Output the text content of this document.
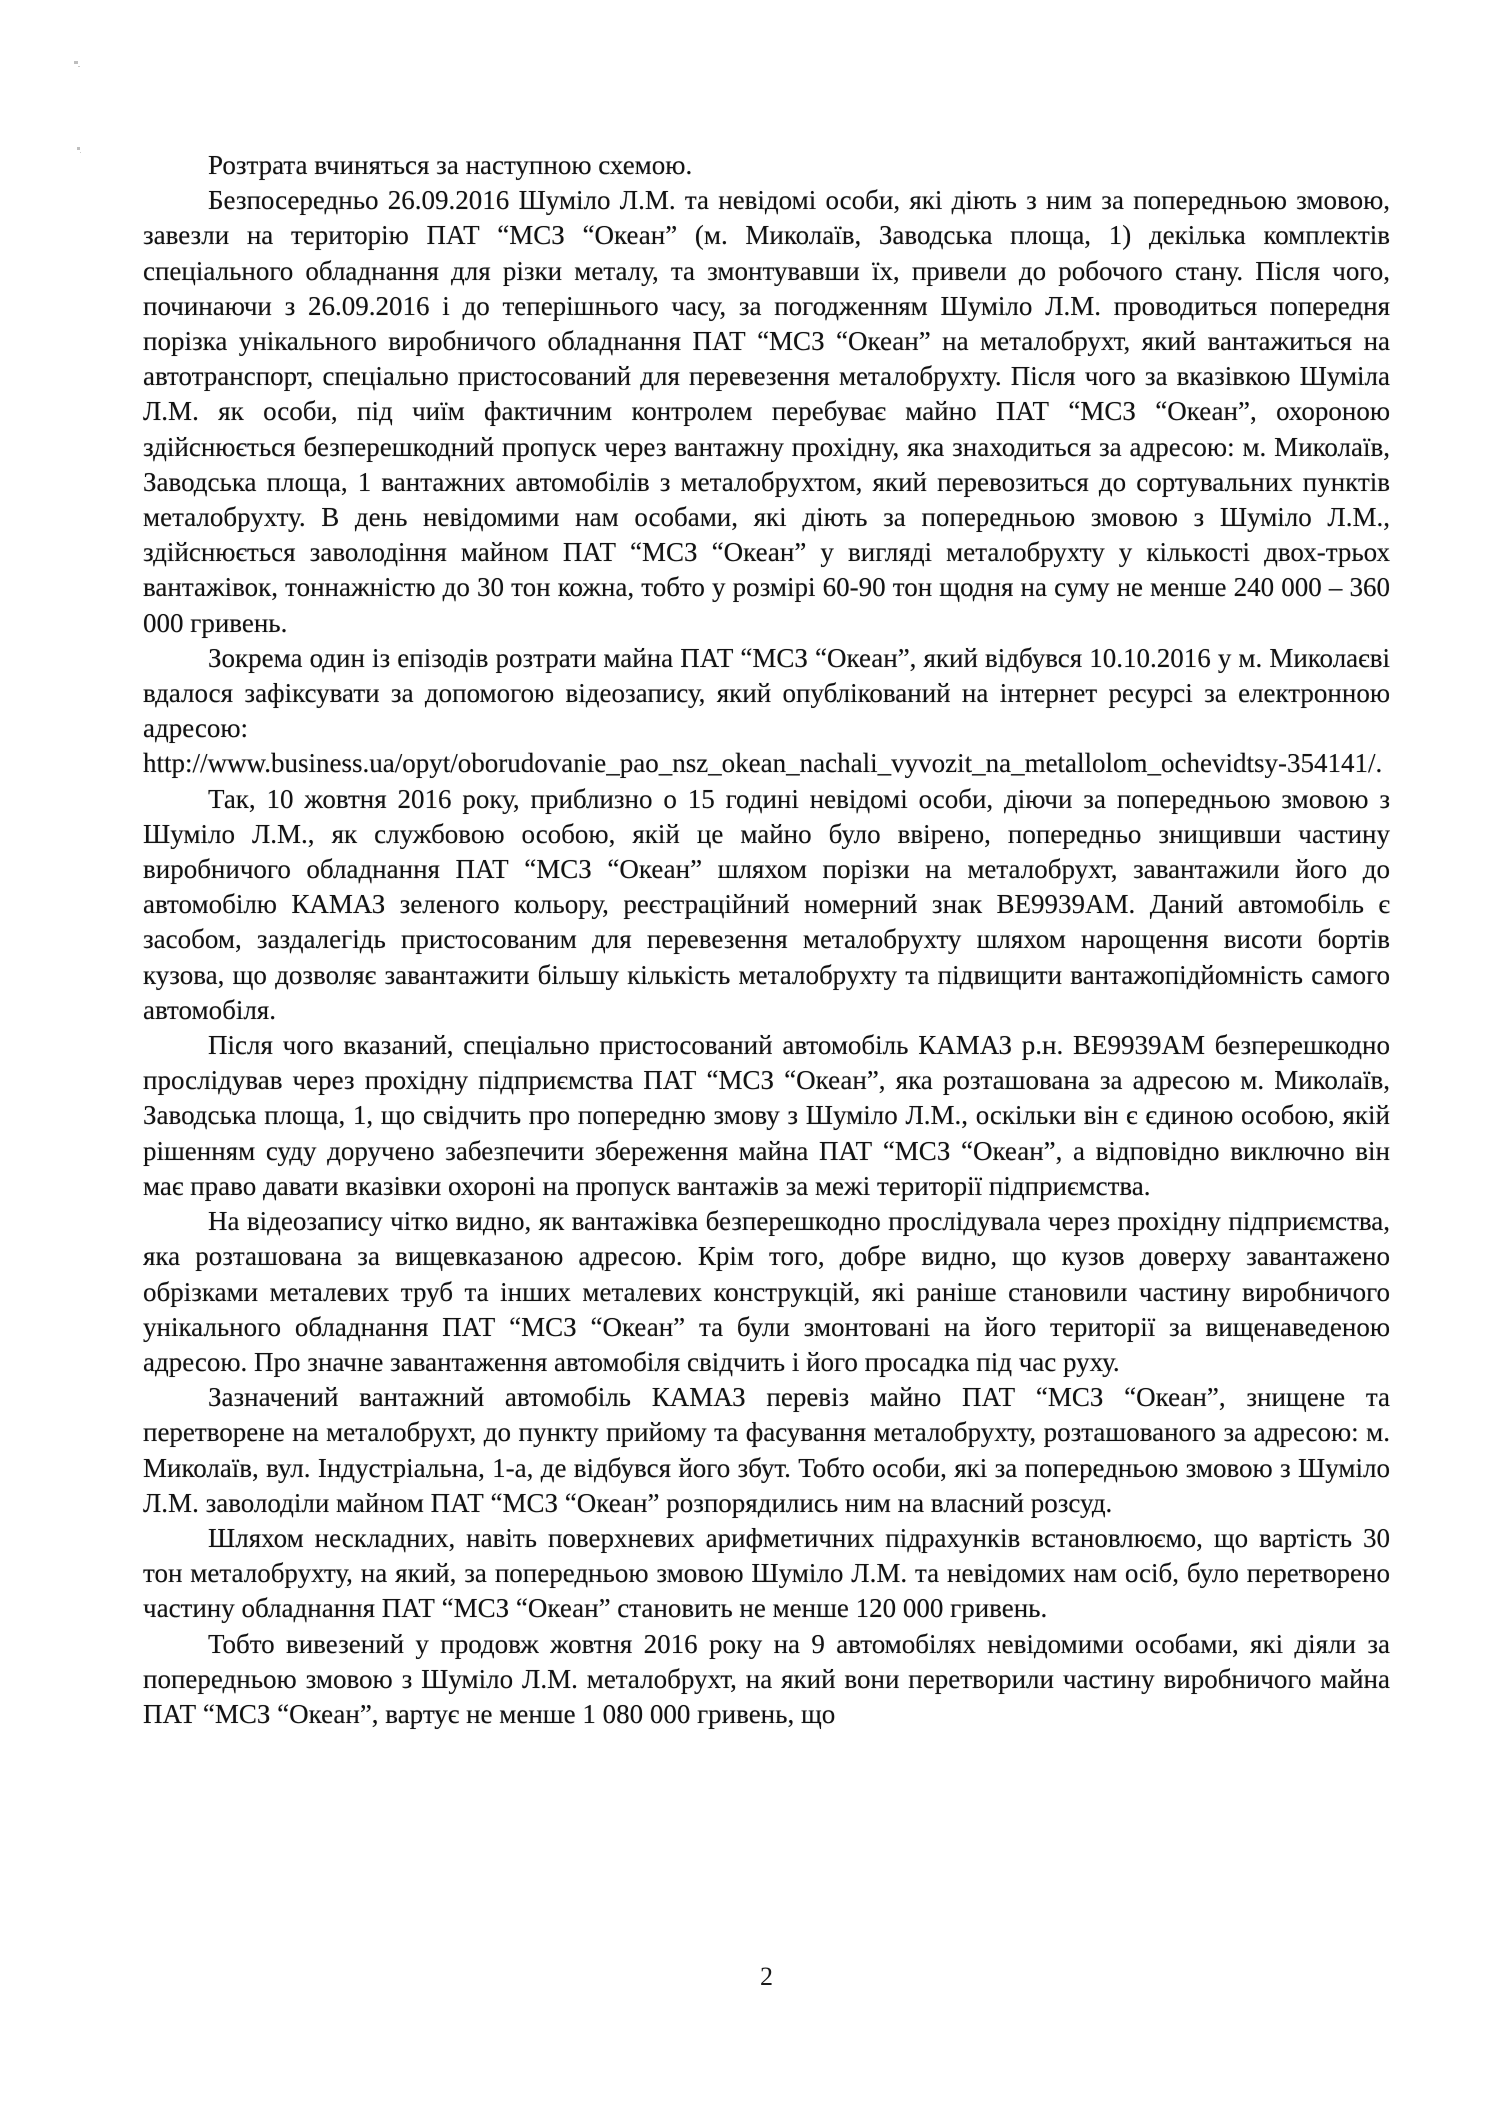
Розтрата вчиняться за наступною схемою.

Безпосередньо 26.09.2016 Шуміло Л.М. та невідомі особи, які діють з ним за попередньою змовою, завезли на територію ПАТ “МСЗ “Океан” (м. Миколаїв, Заводська площа, 1) декілька комплектів спеціального обладнання для різки металу, та змонтувавши їх, привели до робочого стану. Після чого, починаючи з 26.09.2016 і до теперішнього часу, за погодженням Шуміло Л.М. проводиться попередня порізка унікального виробничого обладнання ПАТ “МСЗ “Океан” на металобрухт, який вантажиться на автотранспорт, спеціально пристосований для перевезення металобрухту. Після чого за вказівкою Шуміла Л.М. як особи, під чиїм фактичним контролем перебуває майно ПАТ “МСЗ “Океан”, охороною здійснюється безперешкодний пропуск через вантажну прохідну, яка знаходиться за адресою: м. Миколаїв, Заводська площа, 1 вантажних автомобілів з металобрухтом, який перевозиться до сортувальних пунктів металобрухту. В день невідомими нам особами, які діють за попередньою змовою з Шуміло Л.М., здійснюється заволодіння майном ПАТ “МСЗ “Океан” у вигляді металобрухту у кількості двох-трьох вантажівок, тоннажністю до 30 тон кожна, тобто у розмірі 60-90 тон щодня на суму не менше 240 000 – 360 000 гривень.

Зокрема один із епізодів розтрати майна ПАТ “МСЗ “Океан”, який відбувся 10.10.2016 у м. Миколаєві вдалося зафіксувати за допомогою відеозапису, який опублікований на інтернет ресурсі за електронною адресою:

http://www.business.ua/opyt/oborudovanie_pao_nsz_okean_nachali_vyvozit_na_metallolom_ochevidtsy-354141/.

Так, 10 жовтня 2016 року, приблизно о 15 годині невідомі особи, діючи за попередньою змовою з Шуміло Л.М., як службовою особою, якій це майно було ввірено, попередньо знищивши частину виробничого обладнання ПАТ “МСЗ “Океан” шляхом порізки на металобрухт, завантажили його до автомобілю КАМАЗ зеленого кольору, реєстраційний номерний знак ВЕ9939АМ. Даний автомобіль є засобом, заздалегідь пристосованим для перевезення металобрухту шляхом нарощення висоти бортів кузова, що дозволяє завантажити більшу кількість металобрухту та підвищити вантажопідйомність самого автомобіля.

Після чого вказаний, спеціально пристосований автомобіль КАМАЗ р.н. ВЕ9939АМ безперешкодно прослідував через прохідну підприємства ПАТ “МСЗ “Океан”, яка розташована за адресою м. Миколаїв, Заводська площа, 1, що свідчить про попередню змову з Шуміло Л.М., оскільки він є єдиною особою, якій рішенням суду доручено забезпечити збереження майна ПАТ “МСЗ “Океан”, а відповідно виключно він має право давати вказівки охороні на пропуск вантажів за межі території підприємства.

На відеозапису чітко видно, як вантажівка безперешкодно прослідувала через прохідну підприємства, яка розташована за вищевказаною адресою. Крім того, добре видно, що кузов доверху завантажено обрізками металевих труб та інших металевих конструкцій, які раніше становили частину виробничого унікального обладнання ПАТ “МСЗ “Океан” та були змонтовані на його території за вищенаведеною адресою. Про значне завантаження автомобіля свідчить і його просадка під час руху.

Зазначений вантажний автомобіль КАМАЗ перевіз майно ПАТ “МСЗ “Океан”, знищене та перетворене на металобрухт, до пункту прийому та фасування металобрухту, розташованого за адресою: м. Миколаїв, вул. Індустріальна, 1-а, де відбувся його збут. Тобто особи, які за попередньою змовою з Шуміло Л.М. заволоділи майном ПАТ “МСЗ “Океан” розпорядились ним на власний розсуд.

Шляхом нескладних, навіть поверхневих арифметичних підрахунків встановлюємо, що вартість 30 тон металобрухту, на який, за попередньою змовою Шуміло Л.М. та невідомих нам осіб, було перетворено частину обладнання ПАТ “МСЗ “Океан” становить не менше 120 000 гривень.

Тобто вивезений у продовж жовтня 2016 року на 9 автомобілях невідомими особами, які діяли за попередньою змовою з Шуміло Л.М. металобрухт, на який вони перетворили частину виробничого майна ПАТ “МСЗ “Океан”, вартує не менше 1 080 000 гривень, що

2
